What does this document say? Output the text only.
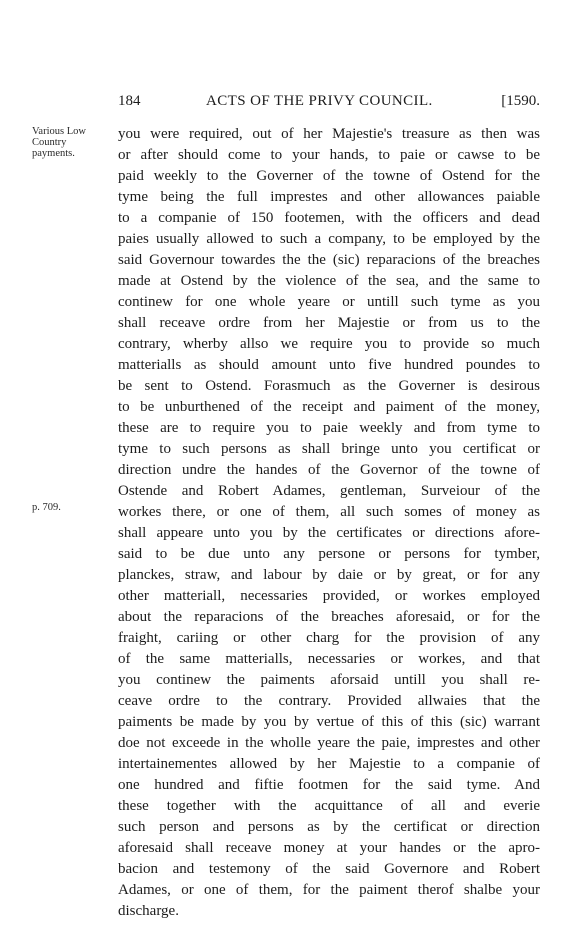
184	ACTS OF THE PRIVY COUNCIL.	[1590.
Various Low Country payments.
p. 709.
you were required, out of her Majestie's treasure as then was
or after should come to your hands, to paie or cawse to be
paid weekly to the Governer of the towne of Ostend for the
tyme being the full imprestes and other allowances paiable
to a companie of 150 footemen, with the officers and dead
paies usually allowed to such a company, to be employed by the
said Governour towardes the the (sic) reparacions of the breaches
made at Ostend by the violence of the sea, and the same to
continew for one whole yeare or untill such tyme as you
shall receave ordre from her Majestie or from us to the
contrary, wherby allso we require you to provide so much
matterialls as should amount unto five hundred poundes to
be sent to Ostend. Forasmuch as the Governer is desirous
to be unburthened of the receipt and paiment of the money,
these are to require you to paie weekly and from tyme to
tyme to such persons as shall bringe unto you certificat or
direction undre the handes of the Governor of the towne of
Ostende and Robert Adames, gentleman, Surveiour of the
workes there, or one of them, all such somes of money as
shall appeare unto you by the certificates or directions afore-
said to be due unto any persone or persons for tymber,
planckes, straw, and labour by daie or by great, or for any
other matteriall, necessaries provided, or workes employed
about the reparacions of the breaches aforesaid, or for the
fraight, cariing or other charg for the provision of any
of the same matterialls, necessaries or workes, and that
you continew the paiments aforsaid untill you shall re-
ceave ordre to the contrary. Provided allwaies that the
paiments be made by you by vertue of this of this (sic) warrant
doe not exceede in the wholle yeare the paie, imprestes and other
intertainementes allowed by her Majestie to a companie of
one hundred and fiftie footmen for the said tyme. And
these together with the acquittance of all and everie
such person and persons as by the certificat or direction
aforesaid shall receave money at your handes or the apro-
bacion and testemony of the said Governore and Robert
Adames, or one of them, for the paiment therof shalbe your
discharge.
